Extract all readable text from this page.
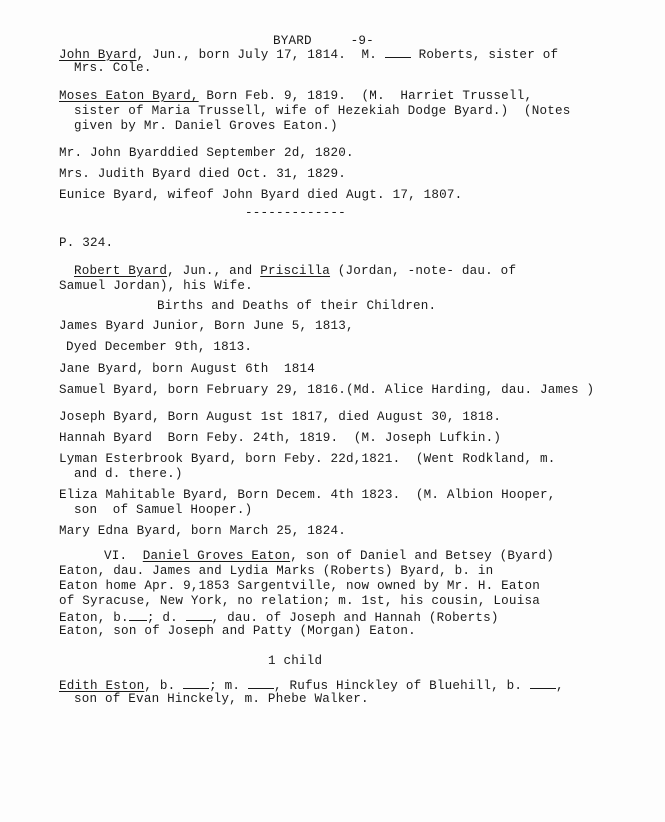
BYARD	-9-

John Byard, Jun., born July 17, 1814.  M.  Roberts, sister of
Mrs. Cole.
Moses Eaton Byard, Born Feb. 9, 1819.  (M.  Harriet Trussell,
sister of Maria Trussell, wife of Hezekiah Dodge Byard.)  (Notes
given by Mr. Daniel Groves Eaton.)
Mr. John Byarddied September 2d, 1820.
Mrs. Judith Byard died Oct. 31, 1829.
Eunice Byard, wifeof John Byard died Augt. 17, 1807.
-------------
P. 324.
Robert Byard, Jun., and Priscilla (Jordan, -note- dau. of
Samuel Jordan), his Wife.
Births and Deaths of their Children.
James Byard Junior, Born June 5, 1813,
Dyed December 9th, 1813.
Jane Byard, born August 6th  1814
Samuel Byard, born February 29, 1816.(Md. Alice Harding, dau. James )
Joseph Byard, Born August 1st 1817, died August 30, 1818.
Hannah Byard  Born Feby. 24th, 1819.  (M. Joseph Lufkin.)
Lyman Esterbrook Byard, born Feby. 22d,1821.  (Went Rodkland, m.
and d. there.)
Eliza Mahitable Byard, Born Decem. 4th 1823.  (M. Albion Hooper,
son  of Samuel Hooper.)
Mary Edna Byard, born March 25, 1824.
VI. Daniel Groves Eaton, son of Daniel and Betsey (Byard)
Eaton, dau. James and Lydia Marks (Roberts) Byard, b. in
Eaton home Apr. 9,1853 Sargentville, now owned by Mr. H. Eaton
of Syracuse, New York, no relation; m. 1st, his cousin, Louisa
Eaton, b. ; d. , dau. of Joseph and Hannah (Roberts)
Eaton, son of Joseph and Patty (Morgan) Eaton.
1 child
Edith Eston, b. ; m. , Rufus Hinckley of Bluehill, b. ,
son of Evan Hinckely, m. Phebe Walker.
